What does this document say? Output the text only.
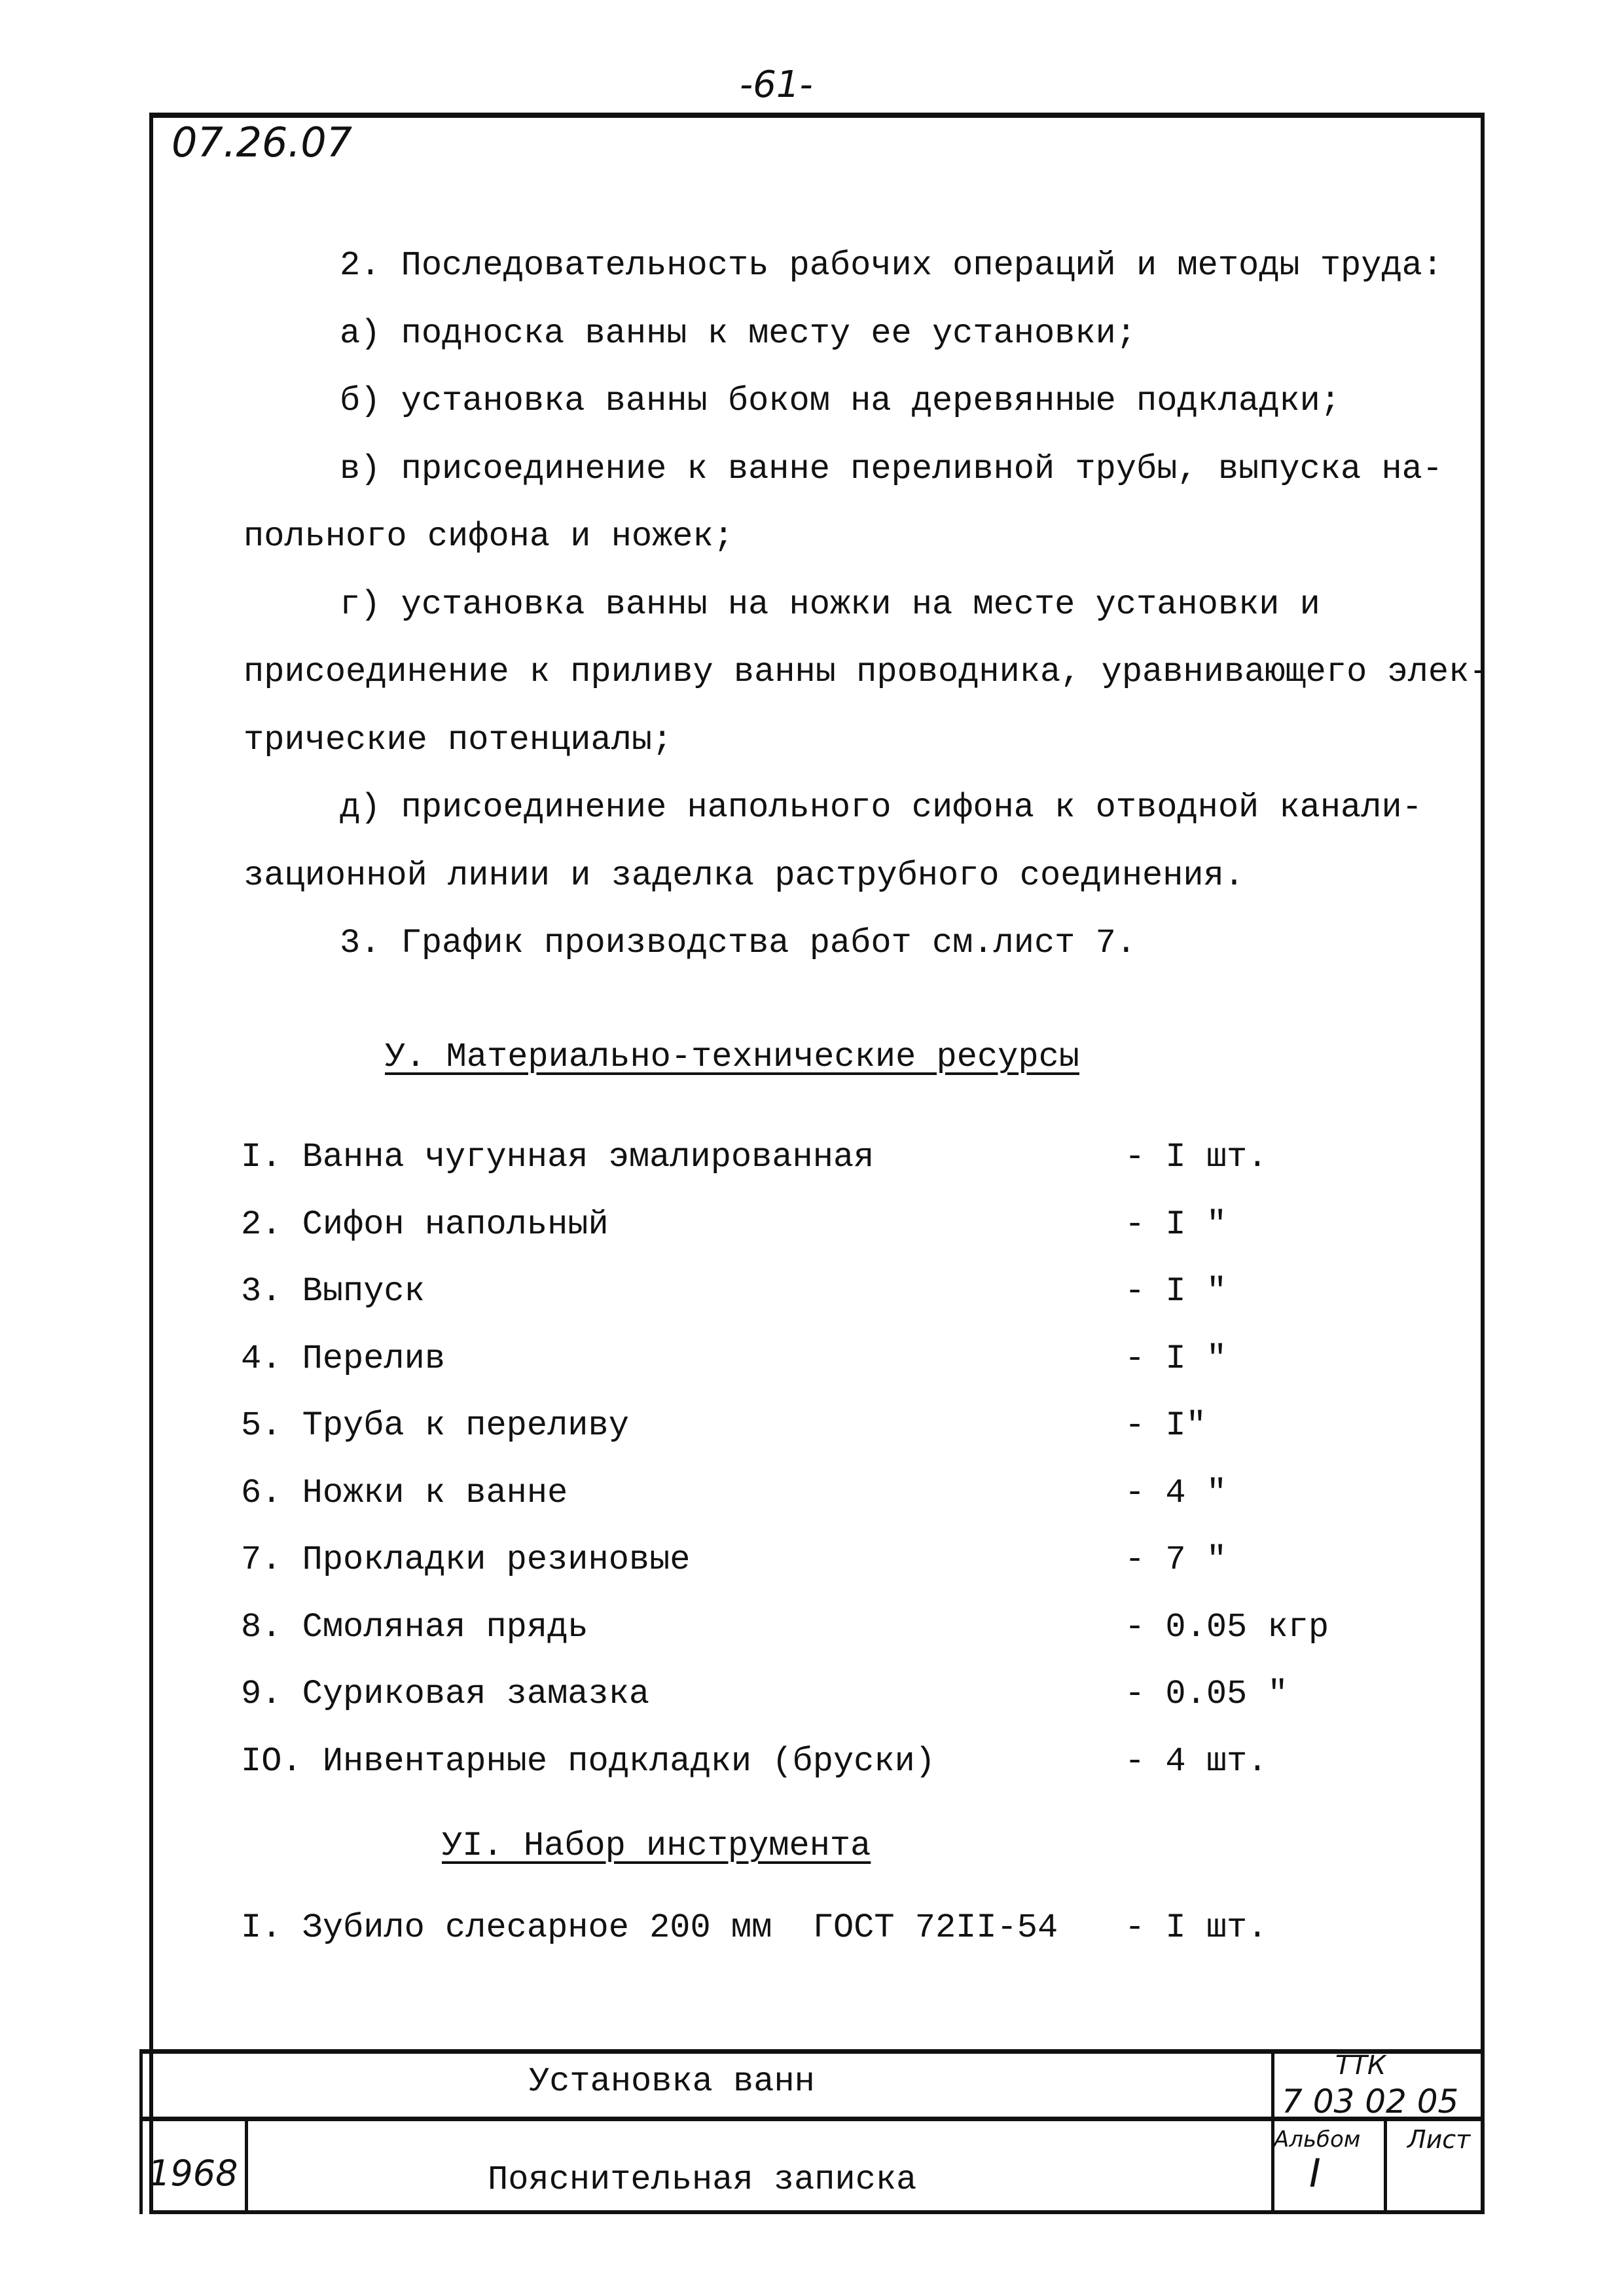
-61-
07.26.07
2. Последовательность рабочих операций и методы труда:
а) подноска ванны к месту ее установки;
б) установка ванны боком на деревянные подкладки;
в) присоединение к ванне переливной трубы, выпуска на-
польного сифона и ножек;
г) установка ванны на ножки на месте установки и
присоединение к приливу ванны проводника, уравнивающего элек-
трические потенциалы;
д) присоединение напольного сифона к отводной канали-
зационной линии и заделка раструбного соединения.
3. График производства работ см.лист 7.
У. Материально-технические ресурсы
I. Ванна чугунная эмалированная	- I шт.
2. Сифон напольный	- I "
3. Выпуск	- I "
4. Перелив	- I "
5. Труба к переливу	- I"
6. Ножки к ванне	- 4 "
7. Прокладки резиновые	- 7 "
8. Смоляная прядь	- 0.05 кгр
9. Суриковая замазка	- 0.05 "
IO. Инвентарные подкладки (бруски)	- 4 шт.
УI. Набор инструмента
I. Зубило слесарное 200 мм  ГОСТ 72II-54 - I шт.
Установка ванн	ТТК
7 03 02 05
1968	Пояснительная записка
Альбом
I
Лист
